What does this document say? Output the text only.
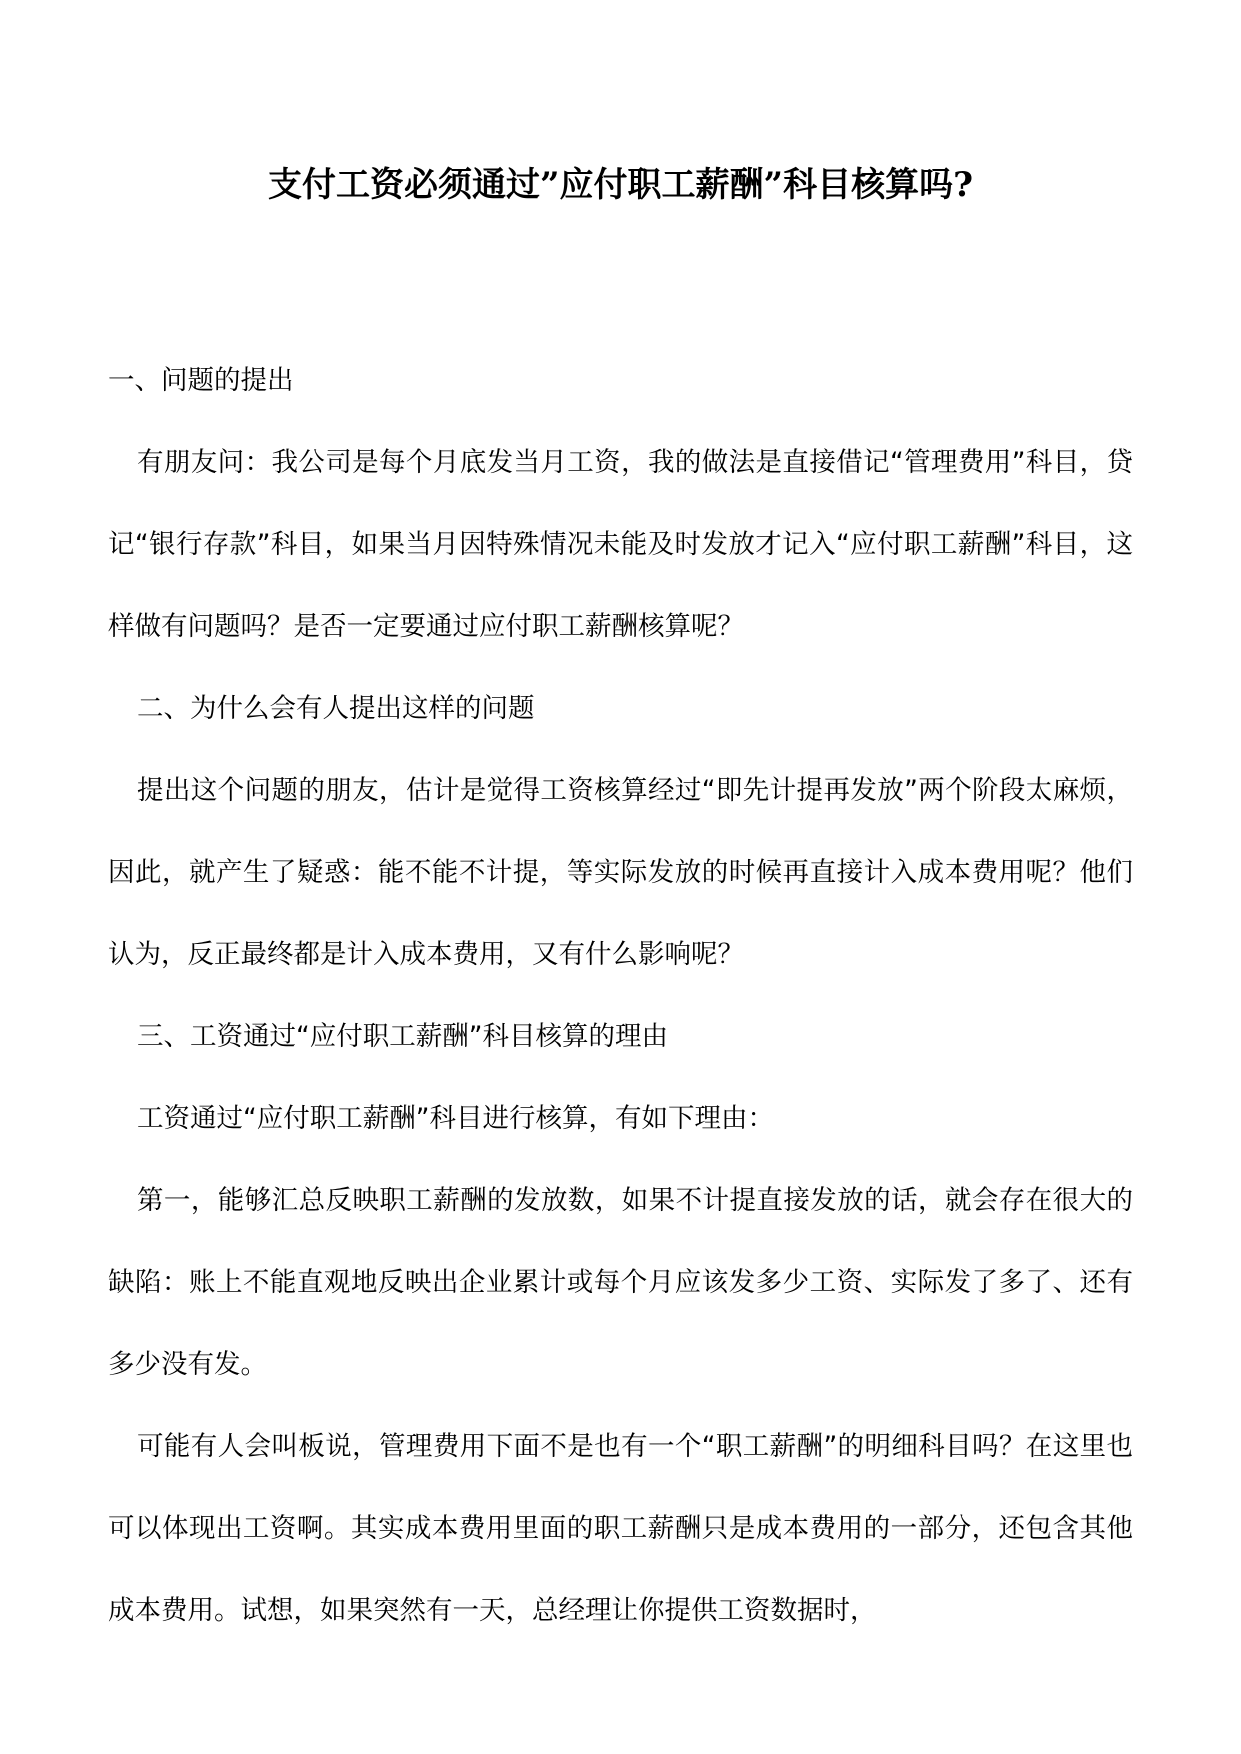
支付工资必须通过”应付职工薪酬”科目核算吗?

一、问题的提出

有朋友问：我公司是每个月底发当月工资，我的做法是直接借记“管理费用”科目，贷记“银行存款”科目，如果当月因特殊情况未能及时发放才记入“应付职工薪酬”科目，这样做有问题吗？是否一定要通过应付职工薪酬核算呢？

二、为什么会有人提出这样的问题

提出这个问题的朋友，估计是觉得工资核算经过“即先计提再发放”两个阶段太麻烦，因此，就产生了疑惑：能不能不计提，等实际发放的时候再直接计入成本费用呢？他们认为，反正最终都是计入成本费用，又有什么影响呢？

三、工资通过“应付职工薪酬”科目核算的理由

工资通过“应付职工薪酬”科目进行核算，有如下理由：

第一，能够汇总反映职工薪酬的发放数，如果不计提直接发放的话，就会存在很大的缺陷：账上不能直观地反映出企业累计或每个月应该发多少工资、实际发了多了、还有多少没有发。

可能有人会叫板说，管理费用下面不是也有一个“职工薪酬”的明细科目吗？在这里也可以体现出工资啊。其实成本费用里面的职工薪酬只是成本费用的一部分，还包含其他成本费用。试想，如果突然有一天，总经理让你提供工资数据时，
